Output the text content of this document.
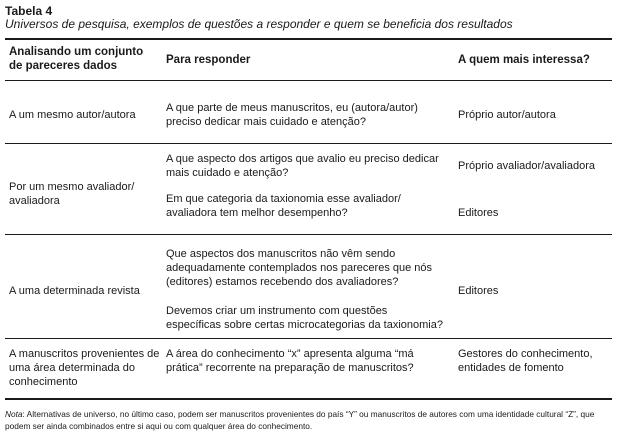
Tabela 4
Universos de pesquisa, exemplos de questões a responder e quem se beneficia dos resultados
Analisando um conjunto de pareceres dados	Para responder	A quem mais interessa?
A um mesmo autor/autora
A que parte de meus manuscritos, eu (autora/autor) preciso dedicar mais cuidado e atenção?
Próprio autor/autora
Por um mesmo avaliador/ avaliadora
A que aspecto dos artigos que avalio eu preciso dedicar mais cuidado e atenção?
Em que categoria da taxionomia esse avaliador/ avaliadora tem melhor desempenho?
Próprio avaliador/avaliadora
Editores
A uma determinada revista
Que aspectos dos manuscritos não vêm sendo adequadamente contemplados nos pareceres que nós (editores) estamos recebendo dos avaliadores?
Devemos criar um instrumento com questões específicas sobre certas microcategorias da taxionomia?
Editores
A manuscritos provenientes de uma área determinada do conhecimento
A área do conhecimento “x” apresenta alguma “má prática” recorrente na preparação de manuscritos?
Gestores do conhecimento, entidades de fomento
Nota: Alternativas de universo, no último caso, podem ser manuscritos provenientes do país “Y” ou manuscritos de autores com uma identidade cultural “Z”, que podem ser ainda combinados entre si aqui ou com qualquer área do conhecimento.
